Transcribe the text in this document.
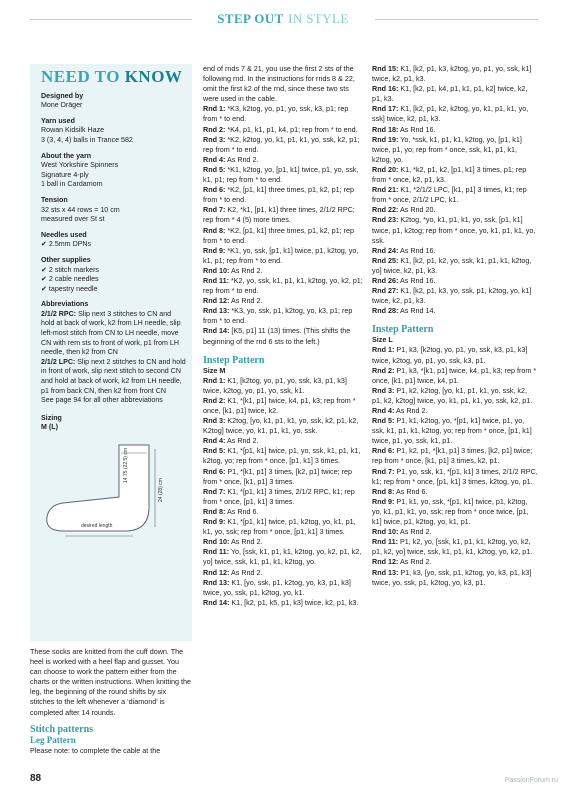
STEP OUT IN STYLE
NEED TO KNOW
Designed by
Mone Dräger
Yarn used
Rowan Kidsilk Haze
3 (3, 4, 4) balls in Trance 582
About the yarn
West Yorkshire Spinners
Signature 4-ply
1 ball in Cardamom
Tension
32 sts x 44 rows = 10 cm
measured over St st
Needles used
✔ 2.5mm DPNs
Other supplies
✔ 2 stitch markers
✔ 2 cable needles
✔ tapestry needle
Abbreviations
2/1/2 RPC: Slip next 3 stitches to CN and hold at back of work, k2 from LH needle, slip left-most stitch from CN to LH needle, move CN with rem sts to front of work, p1 from LH needle, then k2 from CN
2/1/2 LPC: Slip next 2 stitches to CN and hold in front of work, slip next stitch to second CN and hold at back of work, k2 from LH needle, p1 from back CN, then k2 from front CN
See page 94 for all other abbreviations
Sizing
M (L)
14.75 (22.5) cm
24 (28) cm
desired length
These socks are knitted from the cuff down. The heel is worked with a heel flap and gusset. You can choose to work the pattern either from the charts or the written instructions. When knitting the leg, the beginning of the round shifts by six stitches to the left whenever a ‘diamond’ is completed after 14 rounds.
Stitch patterns
Leg Pattern
Please note: to complete the cable at the
end of rnds 7 & 21, you use the first 2 sts of the following rnd. In the instructions for rnds 8 & 22, omit the first k2 of the rnd, since these two sts were used in the cable.
Rnd 1: *K3, k2tog, yo, p1, yo, ssk, k3, p1; rep from * to end.
Rnd 2: *K4, p1, k1, p1, k4, p1; rep from * to end.
Rnd 3: *K2, k2tog, yo, k1, p1, k1, yo, ssk, k2, p1; rep from * to end.
Rnd 4: As Rnd 2.
Rnd 5: *K1, k2tog, yo, [p1, k1] twice, p1, yo, ssk, k1, p1; rep from * to end.
Rnd 6: *K2, [p1, k1] three times, p1, k2, p1; rep from * to end.
Rnd 7: K2, *k1, [p1, k1] three times, 2/1/2 RPC; rep from * 4 (5) more times.
Rnd 8: *K2, [p1, k1] three times, p1, k2, p1; rep from * to end.
Rnd 9: *K1, yo, ssk, [p1, k1] twice, p1, k2tog, yo, k1, p1; rep from * to end.
Rnd 10: As Rnd 2.
Rnd 11: *K2, yo, ssk, k1, p1, k1, k2tog, yo, k2, p1; rep from * to end.
Rnd 12: As Rnd 2.
Rnd 13: *K3, yo, ssk, p1, k2tog, yo, k3, p1; rep from * to end.
Rnd 14: [K5, p1] 11 (13) times. (This shifts the beginning of the rnd 6 sts to the left.)
Instep Pattern
Size M
Rnd 1: K1, [k2tog, yo, p1, yo, ssk, k3, p1, k3] twice, k2tog, yo, p1, yo, ssk, k1.
Rnd 2: K1, *[k1, p1] twice, k4, p1, k3; rep from * once, [k1, p1] twice, k2.
Rnd 3: K2tog, [yo, k1, p1, k1, yo, ssk, k2, p1, k2, K2tog] twice, yo, k1, p1, k1, yo, ssk.
Rnd 4: As Rnd 2.
Rnd 5: K1, *[p1, k1] twice, p1, yo, ssk, k1, p1, k1, k2tog, yo; rep from * once, [p1, k1] 3 times.
Rnd 6: P1, *[k1, p1] 3 times, [k2, p1] twice; rep from * once, [k1, p1] 3 times.
Rnd 7: K1, *[p1, k1] 3 times, 2/1/2 RPC, k1; rep from * once, [p1, k1] 3 times.
Rnd 8: As Rnd 6.
Rnd 9: K1, *[p1, k1] twice, p1, k2tog, yo, k1, p1, k1, yo, ssk; rep from * once, [p1, k1] 3 times.
Rnd 10: As Rnd 2.
Rnd 11: Yo, [ssk, k1, p1, k1, k2tog, yo, k2, p1, k2, yo] twice, ssk, k1, p1, k1, k2tog, yo.
Rnd 12: As Rnd 2.
Rnd 13: K1, [yo, ssk, p1, k2tog, yo, k3, p1, k3] twice, yo, ssk, p1, k2tog, yo, k1.
Rnd 14: K1, [k2, p1, k5, p1, k3] twice, k2, p1, k3.
Rnd 15: K1, [k2, p1, k3, k2tog, yo, p1, yo, ssk, k1] twice, k2, p1, k3.
Rnd 16: K1, [k2, p1, k4, p1, k1, p1, k2] twice, k2, p1, k3.
Rnd 17: K1, [k2, p1, k2, k2tog, yo, k1, p1, k1, yo, ssk] twice, k2, p1, k3.
Rnd 18: As Rnd 16.
Rnd 19: Yo, *ssk, k1, p1, k1, k2tog, yo, [p1, k1] twice, p1, yo; rep from * once, ssk, k1, p1, k1, k2tog, yo.
Rnd 20: K1, *k2, p1, k2, [p1, k1] 3 times, p1; rep from * once, k2, p1, k3.
Rnd 21: K1, *2/1/2 LPC, [k1, p1] 3 times, k1; rep from * once, 2/1/2 LPC, k1.
Rnd 22: As Rnd 20.
Rnd 23: K2tog, *yo, k1, p1, k1, yo, ssk, [p1, k1] twice, p1, k2tog; rep from * once, yo, k1, p1, k1, yo, ssk.
Rnd 24: As Rnd 16.
Rnd 25: K1, [k2, p1, k2, yo, ssk, k1, p1, k1, k2tog, yo] twice, k2, p1, k3.
Rnd 26: As Rnd 16.
Rnd 27: K1, [k2, p1, k3, yo, ssk, p1, k2tog, yo, k1] twice, k2, p1, k3.
Rnd 28: As Rnd 14.
Instep Pattern
Size L
Rnd 1: P1, k3, [k2tog, yo, p1, yo, ssk, k3, p1, k3] twice, k2tog, yo, p1, yo, ssk, k3, p1.
Rnd 2: P1, k3, *[k1, p1] twice, k4, p1, k3; rep from * once, [k1, p1] twice, k4, p1.
Rnd 3: P1, k2, k2tog, [yo, k1, p1, k1, yo, ssk, k2, p1, k2, k2tog] twice, yo, k1, p1, k1, yo, ssk, k2, p1.
Rnd 4: As Rnd 2.
Rnd 5: P1, k1, k2tog, yo, *[p1, k1] twice, p1, yo, ssk, k1, p1, k1, k2tog, yo; rep from * once, [p1, k1] twice, p1, yo, ssk, k1, p1.
Rnd 6: P1, k2, p1, *[k1, p1] 3 times, [k2, p1] twice; rep from * once, [k1, p1] 3 times, k2, p1.
Rnd 7: P1, yo, ssk, k1, *[p1, k1] 3 times, 2/1/2 RPC, k1; rep from * once, [p1, k1] 3 times, k2tog, yo, p1.
Rnd 8: As Rnd 6.
Rnd 9: P1, k1, yo, ssk, *[p1, k1] twice, p1, k2tog, yo, k1, p1, k1, yo, ssk; rep from * once twice, [p1, k1] twice, p1, k2tog, yo, k1, p1.
Rnd 10: As Rnd 2.
Rnd 11: P1, k2, yo, [ssk, k1, p1, k1, k2tog, yo, k2, p1, k2, yo] twice, ssk, k1, p1, k1, k2tog, yo, k2, p1.
Rnd 12: As Rnd 2.
Rnd 13: P1, k3, [yo, ssk, p1, k2tog, yo, k3, p1, k3] twice, yo, ssk, p1, k2tog, yo, k3, p1.
88	PassionForum.ru
